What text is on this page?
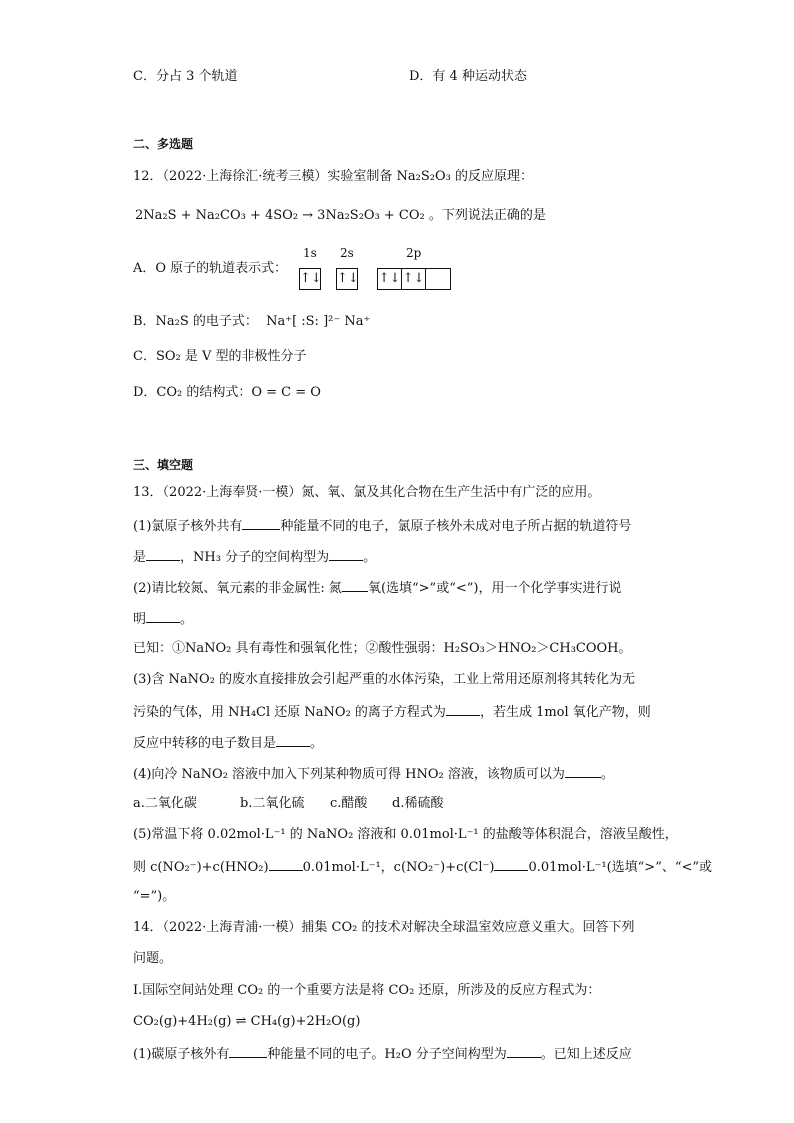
C．分占 3 个轨道	D．有 4 种运动状态
二、多选题
12．（2022·上海徐汇·统考三模）实验室制备 Na₂S₂O₃ 的反应原理：
2Na₂S + Na₂CO₃ + 4SO₂ → 3Na₂S₂O₃ + CO₂ 。下列说法正确的是
A．O 原子的轨道表示式：
1s 2s	2p
↑↓ ↑↓ ↑↓ ↑↓
B．Na₂S 的电子式： Na⁺[ :S: ]²⁻ Na⁺
C．SO₂ 是 V 型的非极性分子
D．CO₂ 的结构式：O = C = O
三、填空题
13．（2022·上海奉贤·一模）氮、氧、氯及其化合物在生产生活中有广泛的应用。
(1)氯原子核外共有	种能量不同的电子，氯原子核外未成对电子所占据的轨道符号
是	，NH₃ 分子的空间构型为	。
(2)请比较氮、氧元素的非金属性: 氮 氧(选填“>”或“<”)，用一个化学事实进行说
明	。
已知：①NaNO₂ 具有毒性和强氧化性；②酸性强弱：H₂SO₃＞HNO₂＞CH₃COOH。
(3)含 NaNO₂ 的废水直接排放会引起严重的水体污染，工业上常用还原剂将其转化为无
污染的气体，用 NH₄Cl 还原 NaNO₂ 的离子方程式为	，若生成 1mol 氧化产物，则
反应中转移的电子数目是	。
(4)向冷 NaNO₂ 溶液中加入下列某种物质可得 HNO₂ 溶液，该物质可以为	。
a.二氧化碳	b.二氧化硫 c.醋酸 d.稀硫酸
(5)常温下将 0.02mol·L⁻¹ 的 NaNO₂ 溶液和 0.01mol·L⁻¹ 的盐酸等体积混合，溶液呈酸性，
则 c(NO₂⁻)+c(HNO₂)	0.01mol·L⁻¹，c(NO₂⁻)+c(Cl⁻)	0.01mol·L⁻¹(选填“>”、“<”或
“=”)。
14．（2022·上海青浦·一模）捕集 CO₂ 的技术对解决全球温室效应意义重大。回答下列
问题。
I.国际空间站处理 CO₂ 的一个重要方法是将 CO₂ 还原，所涉及的反应方程式为：
CO₂(g)+4H₂(g) ⇌ CH₄(g)+2H₂O(g)
(1)碳原子核外有	种能量不同的电子。H₂O 分子空间构型为	。已知上述反应
